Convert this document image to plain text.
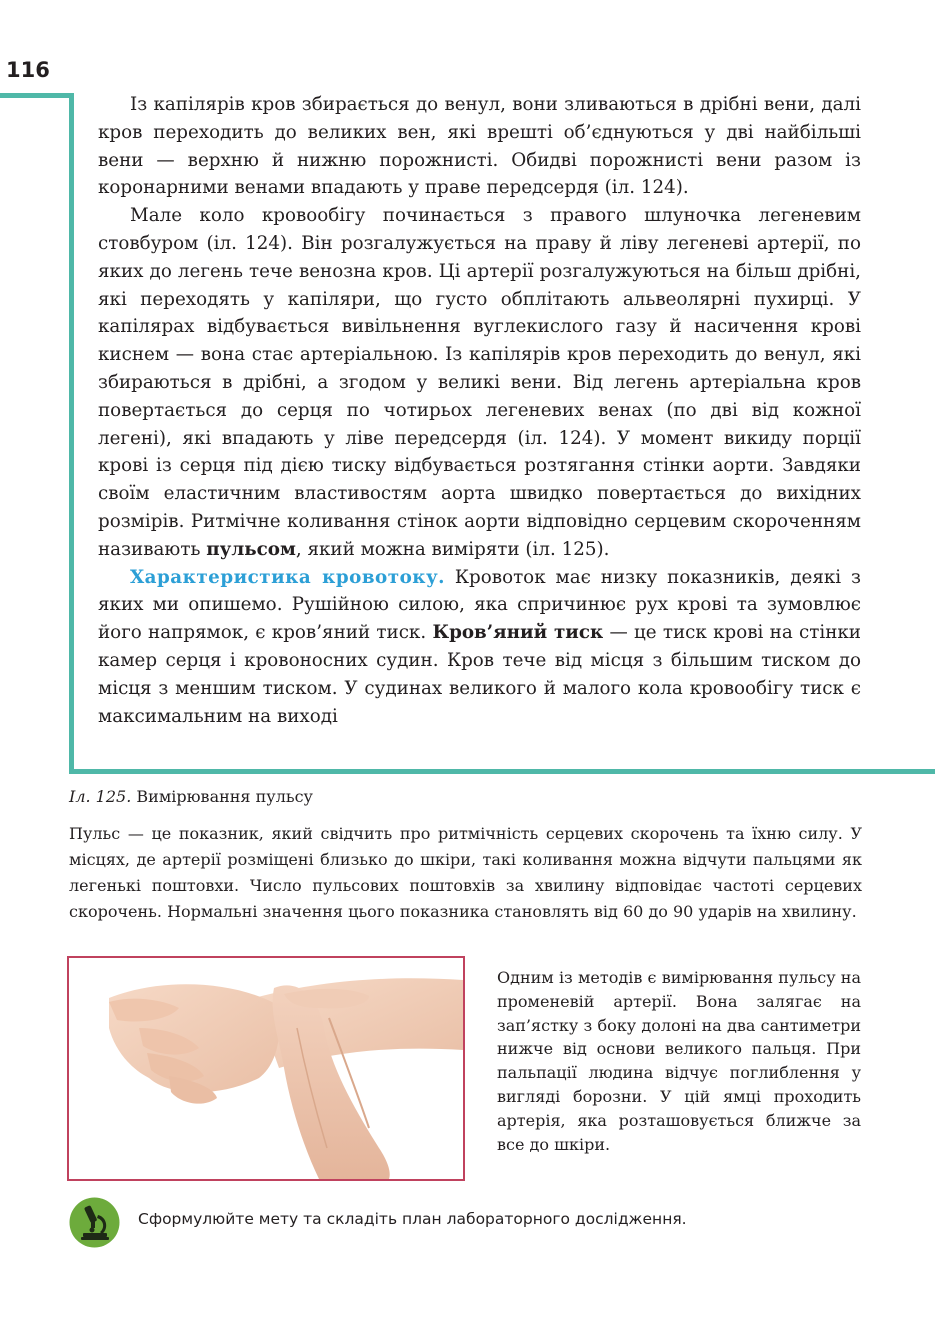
116

Із капілярів кров збирається до венул, вони зливаються в дрібні вени, далі кров переходить до великих вен, які врешті об’єднуються у дві найбільші вени — верхню й нижню порожнисті. Обидві порожнисті вени разом із коронарними венами впадають у праве передсердя (іл. 124).

Мале коло кровообігу починається з правого шлуночка легеневим стовбуром (іл. 124). Він розгалужується на праву й ліву легеневі артерії, по яких до легень тече венозна кров. Ці артерії розгалужуються на більш дрібні, які переходять у капіляри, що густо обплітають альвеолярні пухирці. У капілярах відбувається вивільнення вуглекислого газу й насичення крові киснем — вона стає артеріальною. Із капілярів кров переходить до венул, які збираються в дрібні, а згодом у великі вени. Від легень артеріальна кров повертається до серця по чотирьох легеневих венах (по дві від кожної легені), які впадають у ліве передсердя (іл. 124). У момент викиду порції крові із серця під дією тиску відбувається розтягання стінки аорти. Завдяки своїм еластичним властивостям аорта швидко повертається до вихідних розмірів. Ритмічне коливання стінок аорти відповідно серцевим скороченням називають пульсом, який можна виміряти (іл. 125).

Характеристика кровотоку. Кровоток має низку показників, деякі з яких ми опишемо. Рушійною силою, яка спричинює рух крові та зумовлює його напрямок, є кров’яний тиск. Кров’яний тиск — це тиск крові на стінки камер серця і кровоносних судин. Кров тече від місця з більшим тиском до місця з меншим тиском. У судинах великого й малого кола кровообігу тиск є максимальним на виході

Іл. 125. Вимірювання пульсу

Пульс — це показник, який свідчить про ритмічність серцевих скорочень та їхню силу. У місцях, де артерії розміщені близько до шкіри, такі коливання можна відчути пальцями як легенькі поштовхи. Число пульсових поштовхів за хвилину відповідає частоті серцевих скорочень. Нормальні значення цього показника становлять від 60 до 90 ударів на хвилину.

Одним із методів є вимірювання пульсу на променевій артерії. Вона залягає на зап’ястку з боку долоні на два сантиметри нижче від основи великого пальця. При пальпації людина відчує поглиблення у вигляді борозни. У цій ямці проходить артерія, яка розташовується ближче за все до шкіри.

Сформулюйте мету та складіть план лабораторного дослідження.
